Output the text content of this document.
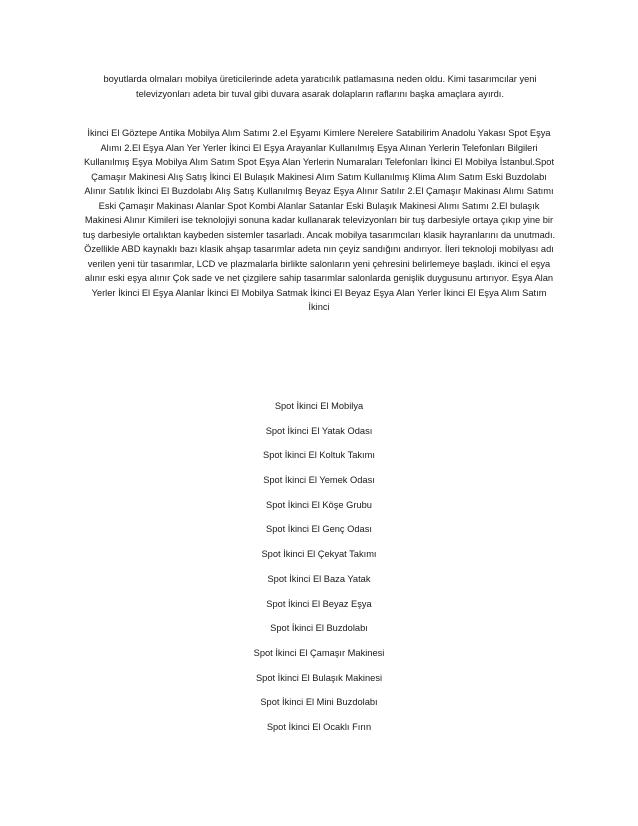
boyutlarda olmaları mobilya üreticilerinde adeta yaratıcılık patlamasına neden oldu. Kimi tasarımcılar yeni televizyonları adeta bir tuval gibi duvara asarak dolapların raflarını başka amaçlara ayırdı.

İkinci El Göztepe Antika Mobilya Alım Satımı 2.el Eşyamı Kimlere Nerelere Satabilirim Anadolu Yakası Spot Eşya Alımı 2.El Eşya Alan Yer Yerler İkinci El Eşya Arayanlar Kullanılmış Eşya Alınan Yerlerin Telefonları Bilgileri Kullanılmış Eşya Mobilya Alım Satım Spot Eşya Alan Yerlerin Numaraları Telefonları İkinci El Mobilya İstanbul.Spot Çamaşır Makinesi Alış Satış İkinci El Bulaşık Makinesi Alım Satım Kullanılmış Klima Alım Satım Eski Buzdolabı Alınır Satılık İkinci El Buzdolabı Alış Satış Kullanılmış Beyaz Eşya Alınır Satılır 2.El Çamaşır Makinası Alımı Satımı Eski Çamaşır Makinası Alanlar Spot Kombi Alanlar Satanlar Eski Bulaşık Makinesi Alımı Satımı 2.El bulaşık Makinesi Alınır Kimileri ise teknolojiyi sonuna kadar kullanarak televizyonları bir tuş darbesiyle ortaya çıkıp yine bir tuş darbesiyle ortalıktan kaybeden sistemler tasarladı. Ancak mobilya tasarımcıları klasik hayranlarını da unutmadı. Özellikle ABD kaynaklı bazı klasik ahşap tasarımlar adeta nın çeyiz sandığını andırıyor. İleri teknoloji mobilyası adı verilen yeni tür tasarımlar, LCD ve plazmalarla birlikte salonların yeni çehresini belirlemeye başladı. ikinci el eşya alınır eski eşya alınır Çok sade ve net çizgilere sahip tasarımlar salonlarda genişlik duygusunu artırıyor. Eşya Alan Yerler İkinci El Eşya Alanlar İkinci El Mobilya Satmak İkinci El Beyaz Eşya Alan Yerler İkinci El Eşya Alım Satım İkinci

Spot İkinci El Mobilya
Spot İkinci El Yatak Odası
Spot İkinci El Koltuk Takımı
Spot İkinci El Yemek Odası
Spot İkinci El Köşe Grubu
Spot İkinci El Genç Odası
Spot İkinci El Çekyat Takımı
Spot İkinci El Baza Yatak
Spot İkinci El Beyaz Eşya
Spot İkinci El Buzdolabı
Spot İkinci El Çamaşır Makinesi
Spot İkinci El Bulaşık Makinesi
Spot İkinci El Mini Buzdolabı
Spot İkinci El Ocaklı Fırın
